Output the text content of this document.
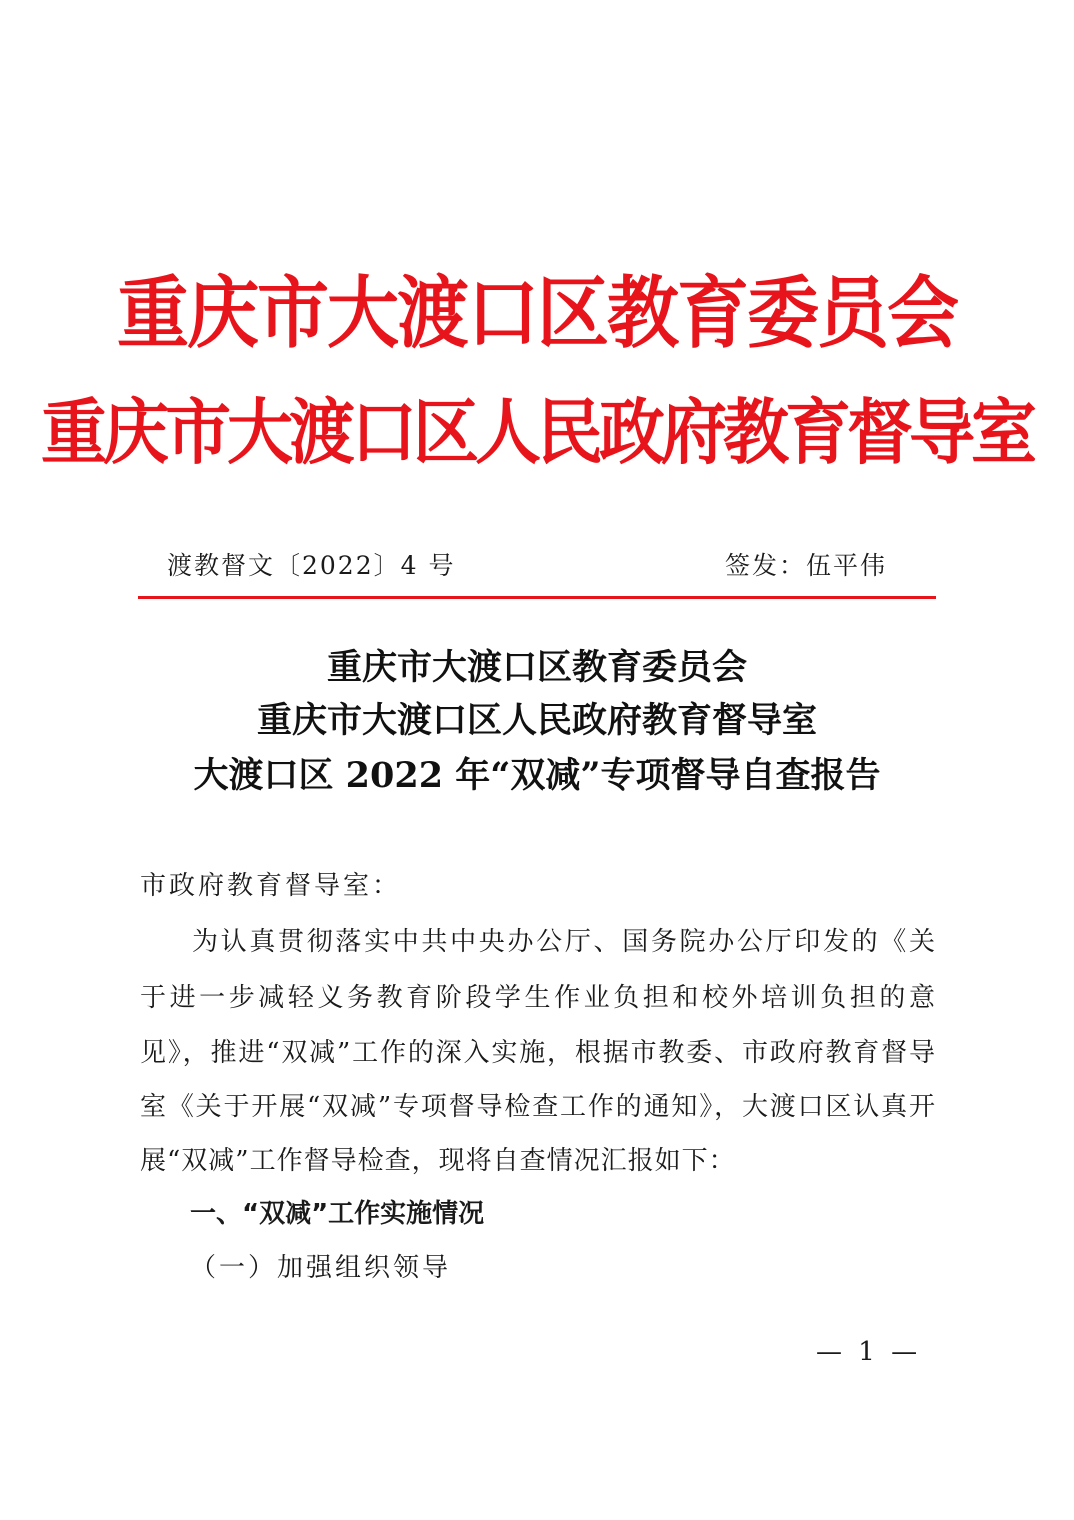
重庆市大渡口区教育委员会
重庆市大渡口区人民政府教育督导室
渡教督文〔2022〕4 号	签发：伍平伟
重庆市大渡口区教育委员会
重庆市大渡口区人民政府教育督导室
大渡口区 2022 年“双减”专项督导自查报告
市政府教育督导室：
为认真贯彻落实中共中央办公厅、国务院办公厅印发的《关
于进一步减轻义务教育阶段学生作业负担和校外培训负担的意
见》，推进“双减”工作的深入实施，根据市教委、市政府教育督导
室《关于开展“双减”专项督导检查工作的通知》，大渡口区认真开
展“双减”工作督导检查，现将自查情况汇报如下：
一、“双减”工作实施情况
（一）加强组织领导
— 1 —
